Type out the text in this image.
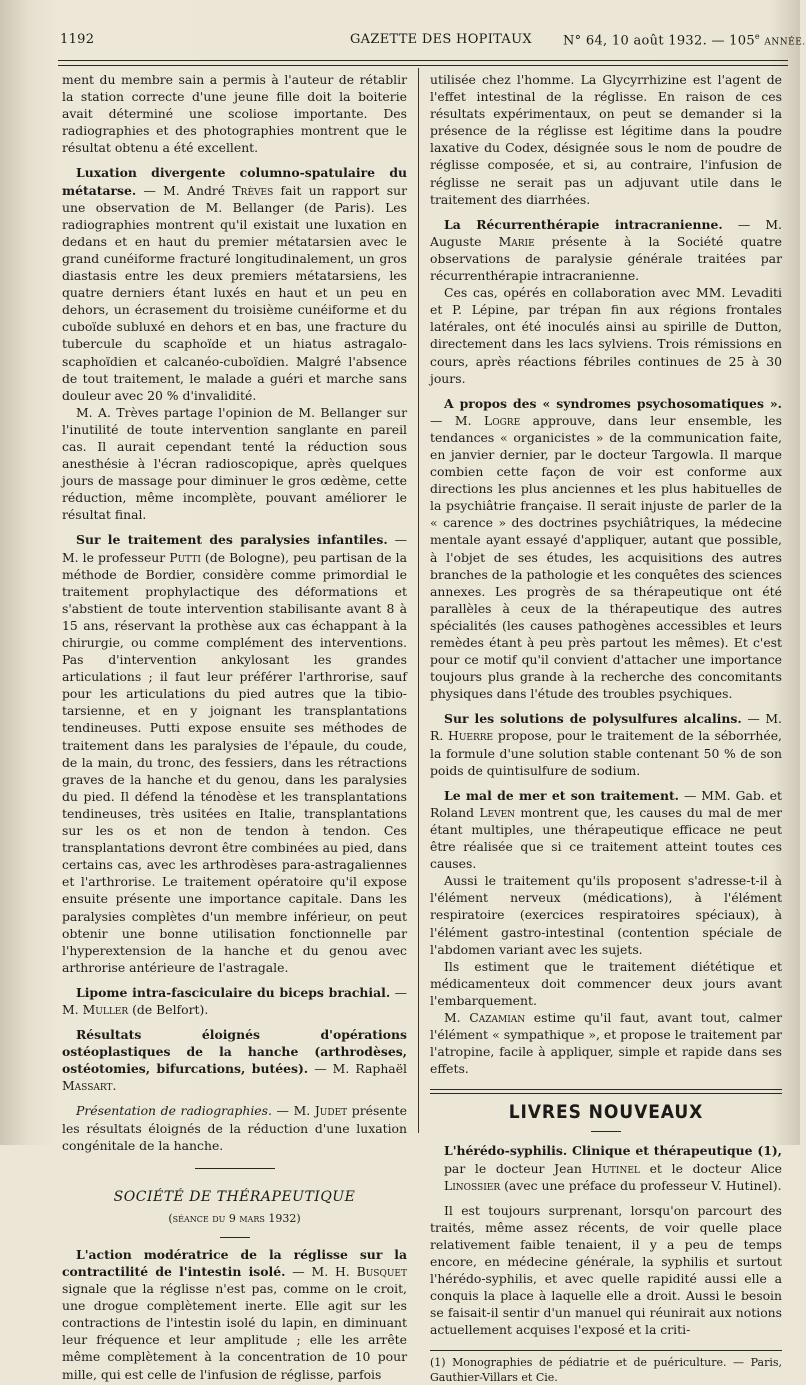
1192	GAZETTE DES HOPITAUX N° 64, 10 août 1932. — 105e ANNÉE.

ment du membre sain a permis à l'auteur de rétablir la station correcte d'une jeune fille doit la boiterie avait déterminé une scoliose importante. Des radiographies et des photographies montrent que le résultat obtenu a été excellent.

Luxation divergente columno-spatulaire du métatarse. — M. André Trèves fait un rapport sur une observation de M. Bellanger (de Paris). Les radiographies montrent qu'il existait une luxation en dedans et en haut du premier métatarsien avec le grand cunéiforme fracturé longitudinalement, un gros diastasis entre les deux premiers métatarsiens, les quatre derniers étant luxés en haut et un peu en dehors, un écrasement du troisième cunéiforme et du cuboïde subluxé en dehors et en bas, une fracture du tubercule du scaphoïde et un hiatus astragalo-scaphoïdien et calcanéo-cuboïdien. Malgré l'absence de tout traitement, le malade a guéri et marche sans douleur avec 20 % d'invalidité.

M. A. Trèves partage l'opinion de M. Bellanger sur l'inutilité de toute intervention sanglante en pareil cas. Il aurait cependant tenté la réduction sous anesthésie à l'écran radioscopique, après quelques jours de massage pour diminuer le gros œdème, cette réduction, même incomplète, pouvant améliorer le résultat final.

Sur le traitement des paralysies infantiles. — M. le professeur Putti (de Bologne), peu partisan de la méthode de Bordier, considère comme primordial le traitement prophylactique des déformations et s'abstient de toute intervention stabilisante avant 8 à 15 ans, réservant la prothèse aux cas échappant à la chirurgie, ou comme complément des interventions. Pas d'intervention ankylosant les grandes articulations ; il faut leur préférer l'arthrorise, sauf pour les articulations du pied autres que la tibio-tarsienne, et en y joignant les transplantations tendineuses. Putti expose ensuite ses méthodes de traitement dans les paralysies de l'épaule, du coude, de la main, du tronc, des fessiers, dans les rétractions graves de la hanche et du genou, dans les paralysies du pied. Il défend la ténodèse et les transplantations tendineuses, très usitées en Italie, transplantations sur les os et non de tendon à tendon. Ces transplantations devront être combinées au pied, dans certains cas, avec les arthrodèses para-astragaliennes et l'arthrorise. Le traitement opératoire qu'il expose ensuite présente une importance capitale. Dans les paralysies complètes d'un membre inférieur, on peut obtenir une bonne utilisation fonctionnelle par l'hyperextension de la hanche et du genou avec arthrorise antérieure de l'astragale.

Lipome intra-fasciculaire du biceps brachial. — M. Muller (de Belfort).

Résultats éloignés d'opérations ostéoplastiques de la hanche (arthrodèses, ostéotomies, bifurcations, butées). — M. Raphaël Massart.

Présentation de radiographies. — M. Judet présente les résultats éloignés de la réduction d'une luxation congénitale de la hanche.

SOCIÉTÉ DE THÉRAPEUTIQUE

(séance du 9 mars 1932)

L'action modératrice de la réglisse sur la contractilité de l'intestin isolé. — M. H. Busquet signale que la réglisse n'est pas, comme on le croit, une drogue complètement inerte. Elle agit sur les contractions de l'intestin isolé du lapin, en diminuant leur fréquence et leur amplitude ; elle les arrête même complètement à la concentration de 10 pour mille, qui est celle de l'infusion de réglisse, parfois

utilisée chez l'homme. La Glycyrrhizine est l'agent de l'effet intestinal de la réglisse. En raison de ces résultats expérimentaux, on peut se demander si la présence de la réglisse est légitime dans la poudre laxative du Codex, désignée sous le nom de poudre de réglisse composée, et si, au contraire, l'infusion de réglisse ne serait pas un adjuvant utile dans le traitement des diarrhées.

La Récurrenthérapie intracranienne. — M. Auguste Marie présente à la Société quatre observations de paralysie générale traitées par récurrenthérapie intracranienne.

Ces cas, opérés en collaboration avec MM. Levaditi et P. Lépine, par trépan fin aux régions frontales latérales, ont été inoculés ainsi au spirille de Dutton, directement dans les lacs sylviens. Trois rémissions en cours, après réactions fébriles continues de 25 à 30 jours.

A propos des « syndromes psychosomatiques ». — M. Logre approuve, dans leur ensemble, les tendances « organicistes » de la communication faite, en janvier dernier, par le docteur Targowla. Il marque combien cette façon de voir est conforme aux directions les plus anciennes et les plus habituelles de la psychiâtrie française. Il serait injuste de parler de la « carence » des doctrines psychiâtriques, la médecine mentale ayant essayé d'appliquer, autant que possible, à l'objet de ses études, les acquisitions des autres branches de la pathologie et les conquêtes des sciences annexes. Les progrès de sa thérapeutique ont été parallèles à ceux de la thérapeutique des autres spécialités (les causes pathogènes accessibles et leurs remèdes étant à peu près partout les mêmes). Et c'est pour ce motif qu'il convient d'attacher une importance toujours plus grande à la recherche des concomitants physiques dans l'étude des troubles psychiques.

Sur les solutions de polysulfures alcalins. — M. R. Huerre propose, pour le traitement de la séborrhée, la formule d'une solution stable contenant 50 % de son poids de quintisulfure de sodium.

Le mal de mer et son traitement. — MM. Gab. et Roland Leven montrent que, les causes du mal de mer étant multiples, une thérapeutique efficace ne peut être réalisée que si ce traitement atteint toutes ces causes.

Aussi le traitement qu'ils proposent s'adresse-t-il à l'élément nerveux (médications), à l'élément respiratoire (exercices respiratoires spéciaux), à l'élément gastro-intestinal (contention spéciale de l'abdomen variant avec les sujets.

Ils estiment que le traitement diététique et médicamenteux doit commencer deux jours avant l'embarquement.

M. Cazamian estime qu'il faut, avant tout, calmer l'élément « sympathique », et propose le traitement par l'atropine, facile à appliquer, simple et rapide dans ses effets.

LIVRES NOUVEAUX

L'hérédo-syphilis. Clinique et thérapeutique (1), par le docteur Jean Hutinel et le docteur Alice Linossier (avec une préface du professeur V. Hutinel).

Il est toujours surprenant, lorsqu'on parcourt des traités, même assez récents, de voir quelle place relativement faible tenaient, il y a peu de temps encore, en médecine générale, la syphilis et surtout l'hérédo-syphilis, et avec quelle rapidité aussi elle a conquis la place à laquelle elle a droit. Aussi le besoin se faisait-il sentir d'un manuel qui réunirait aux notions actuellement acquises l'exposé et la criti-

(1) Monographies de pédiatrie et de puériculture. — Paris, Gauthier-Villars et Cie.
